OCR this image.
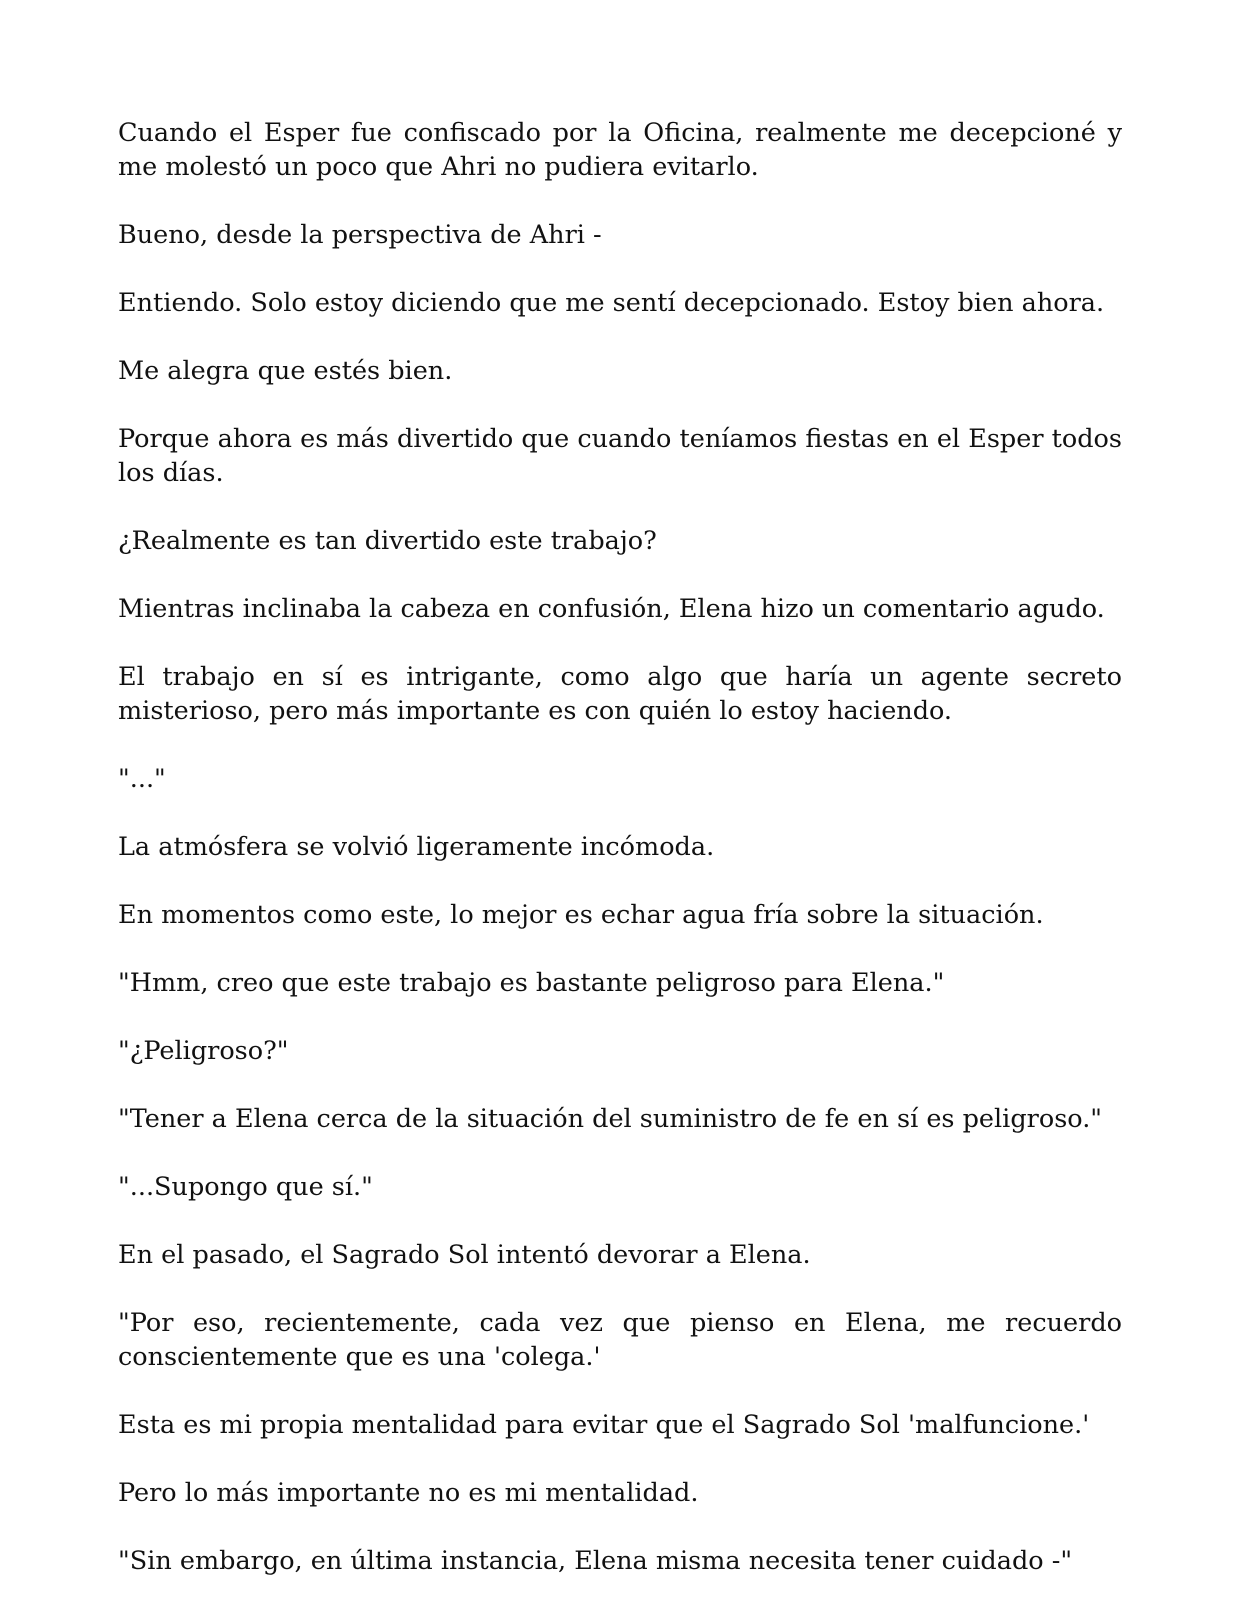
Cuando el Esper fue confiscado por la Oficina, realmente me decepcioné y me molestó un poco que Ahri no pudiera evitarlo.

Bueno, desde la perspectiva de Ahri -

Entiendo. Solo estoy diciendo que me sentí decepcionado. Estoy bien ahora.

Me alegra que estés bien.

Porque ahora es más divertido que cuando teníamos fiestas en el Esper todos los días.

¿Realmente es tan divertido este trabajo?

Mientras inclinaba la cabeza en confusión, Elena hizo un comentario agudo.

El trabajo en sí es intrigante, como algo que haría un agente secreto misterioso, pero más importante es con quién lo estoy haciendo.

"..."

La atmósfera se volvió ligeramente incómoda.

En momentos como este, lo mejor es echar agua fría sobre la situación.

"Hmm, creo que este trabajo es bastante peligroso para Elena."

"¿Peligroso?"

"Tener a Elena cerca de la situación del suministro de fe en sí es peligroso."

"...Supongo que sí."

En el pasado, el Sagrado Sol intentó devorar a Elena.

"Por eso, recientemente, cada vez que pienso en Elena, me recuerdo conscientemente que es una 'colega.'

Esta es mi propia mentalidad para evitar que el Sagrado Sol 'malfuncione.'

Pero lo más importante no es mi mentalidad.

"Sin embargo, en última instancia, Elena misma necesita tener cuidado -"
